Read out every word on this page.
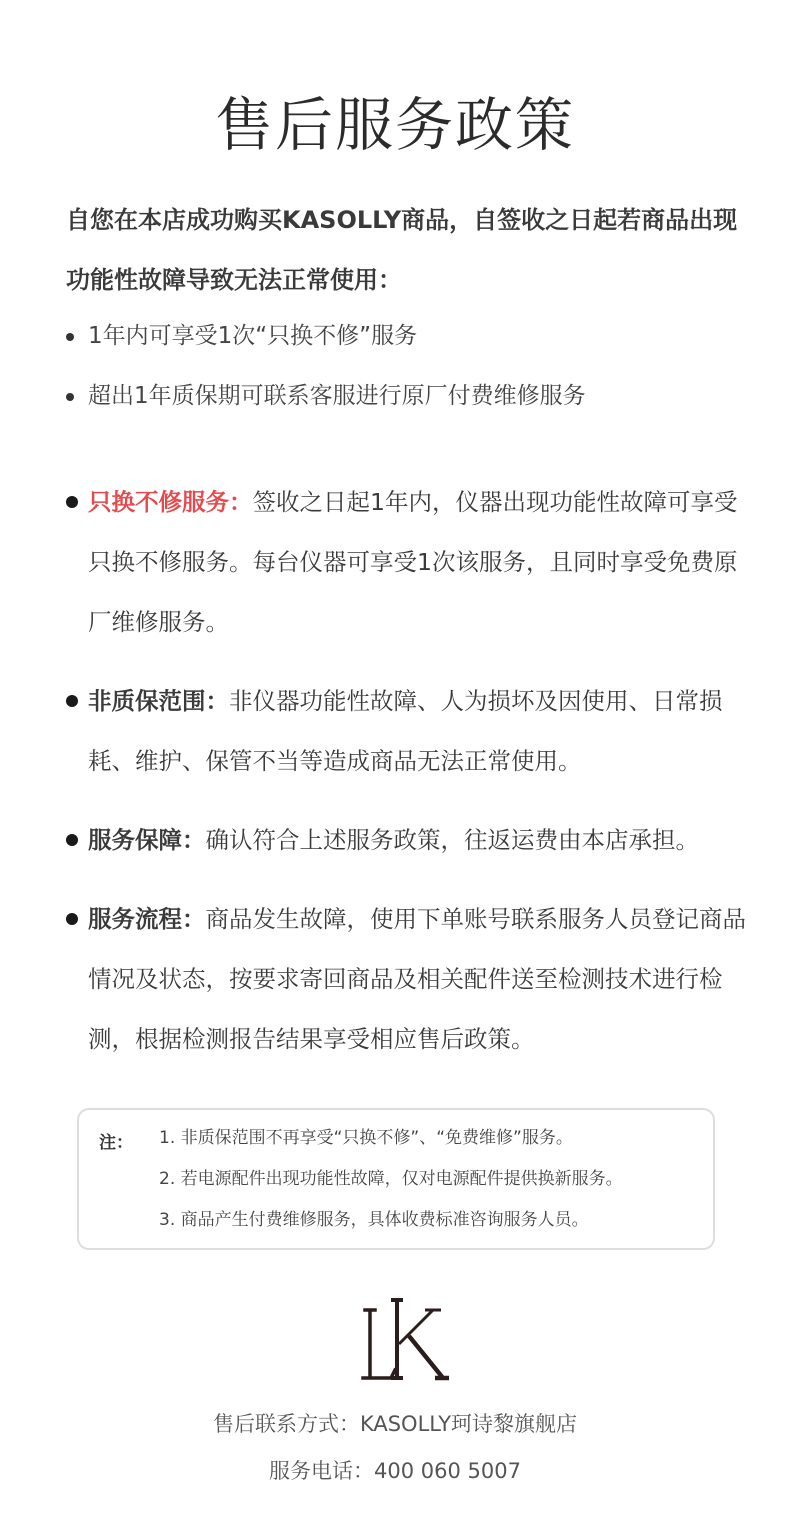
售后服务政策
自您在本店成功购买KASOLLY商品，自签收之日起若商品出现功能性故障导致无法正常使用：
1年内可享受1次“只换不修”服务
超出1年质保期可联系客服进行原厂付费维修服务
只换不修服务：签收之日起1年内，仪器出现功能性故障可享受只换不修服务。每台仪器可享受1次该服务，且同时享受免费原厂维修服务。
非质保范围：非仪器功能性故障、人为损坏及因使用、日常损耗、维护、保管不当等造成商品无法正常使用。
服务保障：确认符合上述服务政策，往返运费由本店承担。
服务流程：商品发生故障，使用下单账号联系服务人员登记商品情况及状态，按要求寄回商品及相关配件送至检测技术进行检测，根据检测报告结果享受相应售后政策。
注： 1. 非质保范围不再享受“只换不修”、“免费维修”服务。
2. 若电源配件出现功能性故障，仅对电源配件提供换新服务。
3. 商品产生付费维修服务，具体收费标准咨询服务人员。
售后联系方式：KASOLLY珂诗黎旗舰店
服务电话：400 060 5007
